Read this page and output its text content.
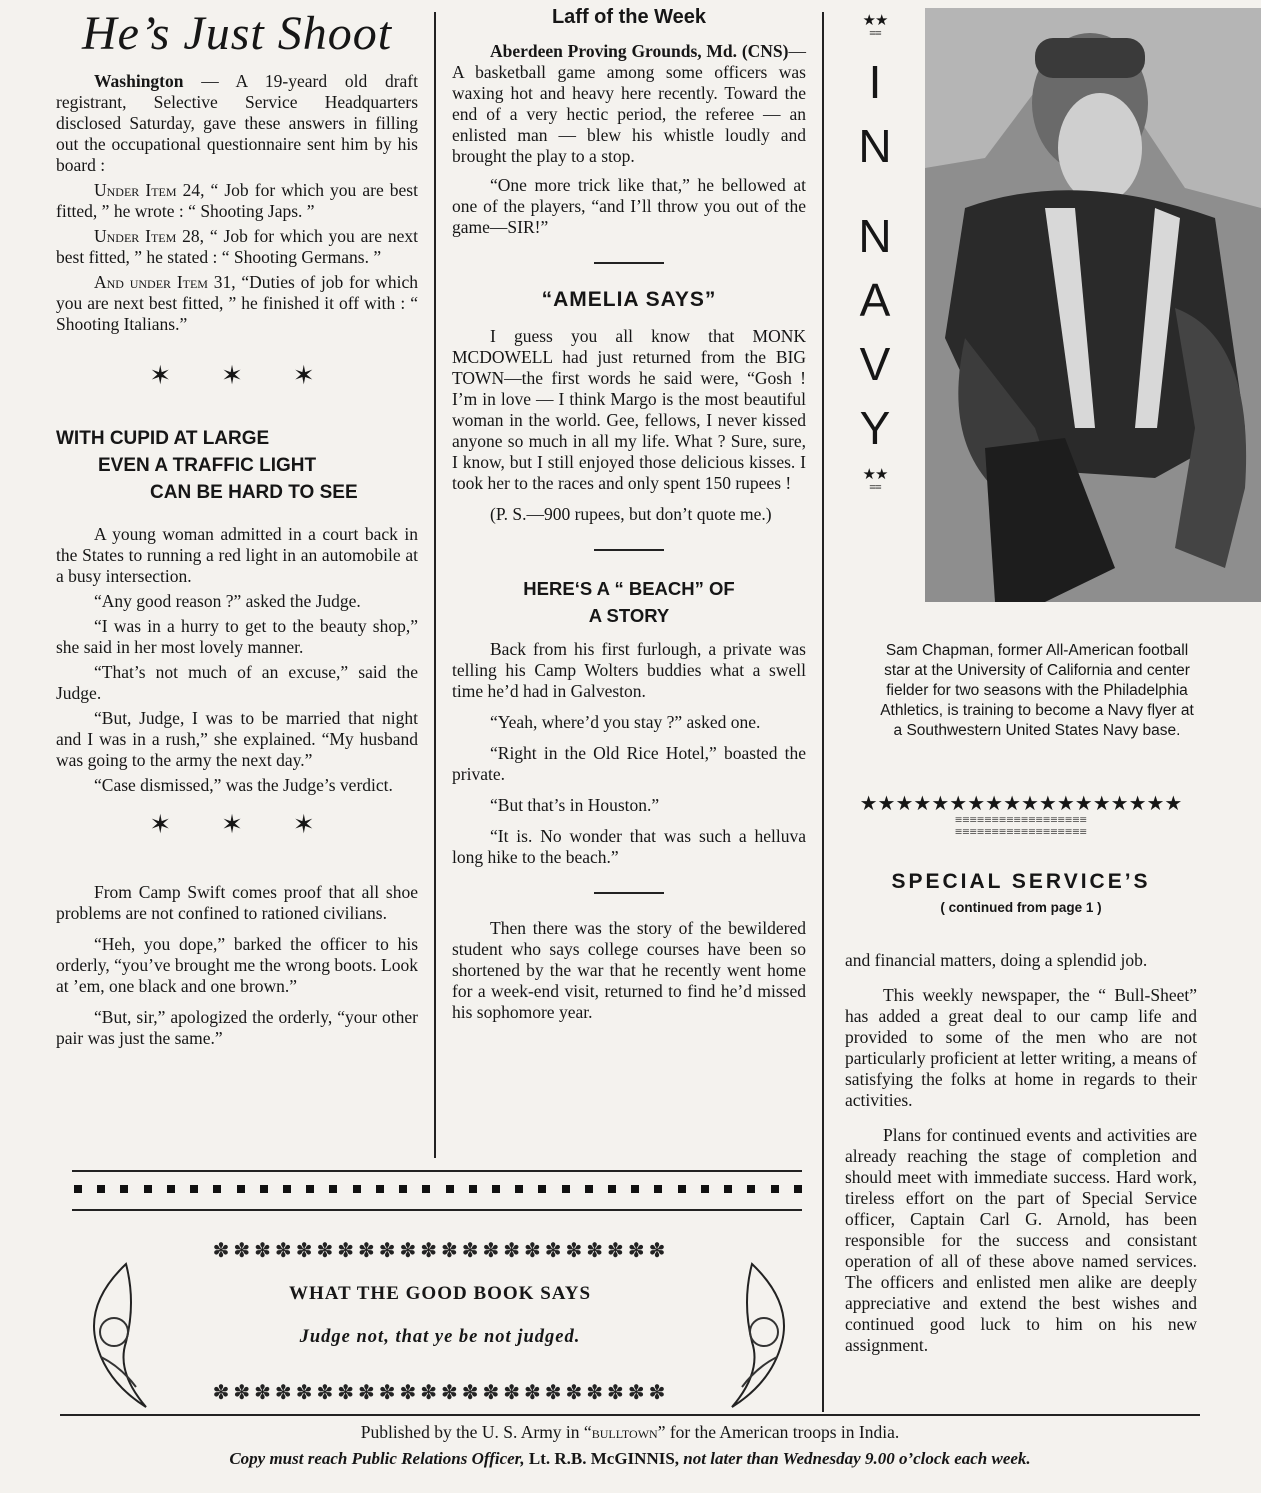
He’s Just Shoot

Washington — A 19-yeard old draft registrant, Selective Service Headquarters disclosed Saturday, gave these answers in filling out the occupational questionnaire sent him by his board :

Under Item 24, “ Job for which you are best fitted, ” he wrote : “ Shooting Japs. ”

Under Item 28, “ Job for which you are next best fitted, ” he stated : “ Shooting Germans. ”

And under Item 31, “Duties of job for which you are next best fitted, ” he finished it off with : “ Shooting Italians.”

✶✶✶
WITH CUPID AT LARGE
EVEN A TRAFFIC LIGHT
CAN BE HARD TO SEE

A young woman admitted in a court back in the States to running a red light in an automobile at a busy intersection.

“Any good reason ?” asked the Judge.

“I was in a hurry to get to the beauty shop,” she said in her most lovely manner.

“That’s not much of an excuse,” said the Judge.

“But, Judge, I was to be married that night and I was in a rush,” she explained. “My husband was going to the army the next day.”

“Case dismissed,” was the Judge’s verdict.

✶✶✶

From Camp Swift comes proof that all shoe problems are not confined to rationed civilians.

“Heh, you dope,” barked the officer to his orderly, “you’ve brought me the wrong boots. Look at ’em, one black and one brown.”

“But, sir,” apologized the orderly, “your other pair was just the same.”

Laff of the Week

Aberdeen Proving Grounds, Md. (CNS)—A basketball game among some officers was waxing hot and heavy here recently. Toward the end of a very hectic period, the referee — an enlisted man — blew his whistle loudly and brought the play to a stop.

“One more trick like that,” he bellowed at one of the players, “and I’ll throw you out of the game—SIR!”

“AMELIA SAYS”

I guess you all know that MONK MCDOWELL had just returned from the BIG TOWN—the first words he said were, “Gosh ! I’m in love — I think Margo is the most beautiful woman in the world. Gee, fellows, I never kissed anyone so much in all my life. What ? Sure, sure, I know, but I still enjoyed those delicious kisses. I took her to the races and only spent 150 rupees !

(P. S.—900 rupees, but don’t quote me.)

HERE‘S A “ BEACH” OF
A STORY

Back from his first furlough, a private was telling his Camp Wolters buddies what a swell time he’d had in Galveston.

“Yeah, where’d you stay ?” asked one.

“Right in the Old Rice Hotel,” boasted the private.

“But that’s in Houston.”

“It is. No wonder that was such a helluva long hike to the beach.”

Then there was the story of the bewildered student who says college courses have been so shortened by the war that he recently went home for a week-end visit, returned to find he’d missed his sophomore year.

★★
≡≡
I
N
N
A
V
Y
★★
≡≡
Sam Chapman, former All-American football star at the University of California and center fielder for two seasons with the Philadelphia Athletics, is training to become a Navy flyer at a Southwestern United States Navy base.
★★★★★★★★★★★★★★★★★★
≡≡≡≡≡≡≡≡≡≡≡≡≡≡≡≡≡≡
≡≡≡≡≡≡≡≡≡≡≡≡≡≡≡≡≡≡
SPECIAL SERVICE’S
( continued from page 1 )

and financial matters, doing a splendid job.

This weekly newspaper, the “ Bull-Sheet” has added a great deal to our camp life and provided to some of the men who are not particularly proficient at letter writing, a means of satisfying the folks at home in regards to their activities.

Plans for continued events and activities are already reaching the stage of completion and should meet with immediate success. Hard work, tireless effort on the part of Special Service officer, Captain Carl G. Arnold, has been responsible for the success and consistant operation of all of these above named services. The officers and enlisted men alike are deeply appreciative and extend the best wishes and continued good luck to him on his new assignment.

✽✽✽✽✽✽✽✽✽✽✽✽✽✽✽✽✽✽✽✽✽✽
WHAT THE GOOD BOOK SAYS
Judge not, that ye be not judged.
✽✽✽✽✽✽✽✽✽✽✽✽✽✽✽✽✽✽✽✽✽✽
Published by the U. S. Army in “bulltown” for the American troops in India.
Copy must reach Public Relations Officer, Lt. R.B. McGINNIS, not later than Wednesday 9.00 o’clock each week.
